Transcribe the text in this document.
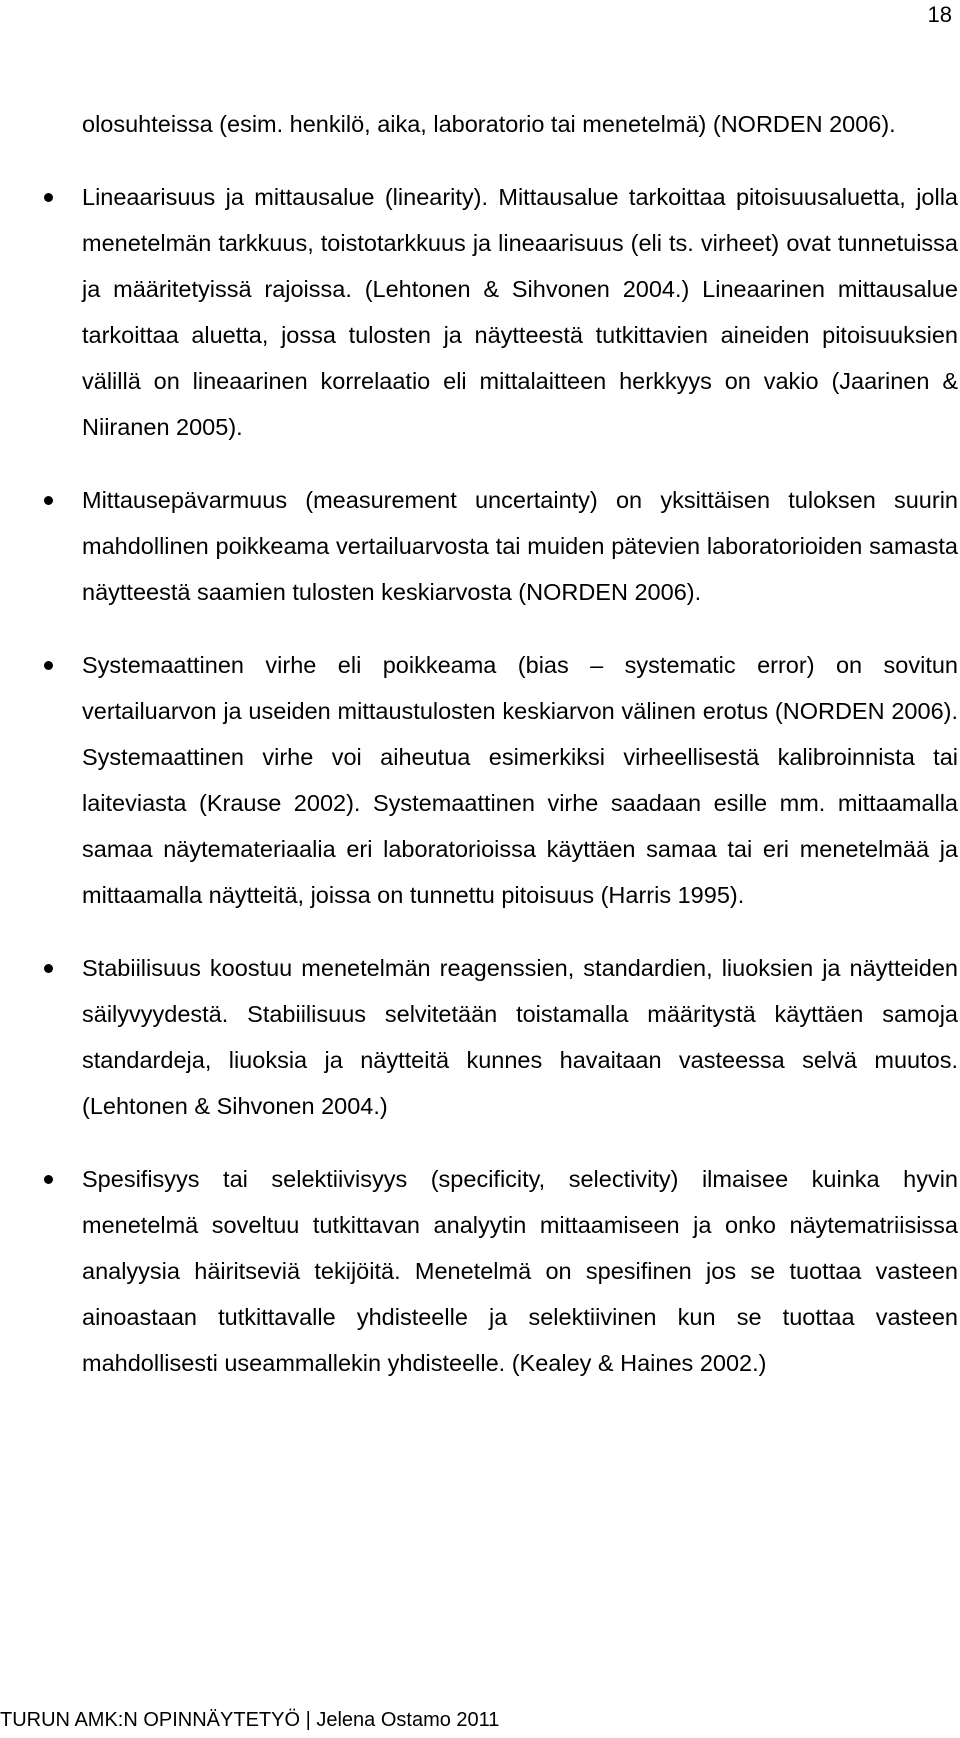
18

olosuhteissa (esim. henkilö, aika, laboratorio tai menetelmä) (NORDEN 2006).

Lineaarisuus ja mittausalue (linearity). Mittausalue tarkoittaa pitoisuusaluetta, jolla menetelmän tarkkuus, toistotarkkuus ja lineaarisuus (eli ts. virheet) ovat tunnetuissa ja määritetyissä rajoissa. (Lehtonen & Sihvonen 2004.) Lineaarinen mittausalue tarkoittaa aluetta, jossa tulosten ja näytteestä tutkittavien aineiden pitoisuuksien välillä on lineaarinen korrelaatio eli mittalaitteen herkkyys on vakio (Jaarinen & Niiranen 2005).
Mittausepävarmuus (measurement uncertainty) on yksittäisen tuloksen suurin mahdollinen poikkeama vertailuarvosta tai muiden pätevien laboratorioiden samasta näytteestä saamien tulosten keskiarvosta (NORDEN 2006).
Systemaattinen virhe eli poikkeama (bias – systematic error) on sovitun vertailuarvon ja useiden mittaustulosten keskiarvon välinen erotus (NORDEN 2006). Systemaattinen virhe voi aiheutua esimerkiksi virheellisestä kalibroinnista tai laiteviasta (Krause 2002). Systemaattinen virhe saadaan esille mm. mittaamalla samaa näytemateriaalia eri laboratorioissa käyttäen samaa tai eri menetelmää ja mittaamalla näytteitä, joissa on tunnettu pitoisuus (Harris 1995).
Stabiilisuus koostuu menetelmän reagenssien, standardien, liuoksien ja näytteiden säilyvyydestä. Stabiilisuus selvitetään toistamalla määritystä käyttäen samoja standardeja, liuoksia ja näytteitä kunnes havaitaan vasteessa selvä muutos. (Lehtonen & Sihvonen 2004.)
Spesifisyys tai selektiivisyys (specificity, selectivity) ilmaisee kuinka hyvin menetelmä soveltuu tutkittavan analyytin mittaamiseen ja onko näytematriisissa analyysia häiritseviä tekijöitä. Menetelmä on spesifinen jos se tuottaa vasteen ainoastaan tutkittavalle yhdisteelle ja selektiivinen kun se tuottaa vasteen mahdollisesti useammallekin yhdisteelle. (Kealey & Haines 2002.)
TURUN AMK:N OPINNÄYTETYÖ | Jelena Ostamo 2011
